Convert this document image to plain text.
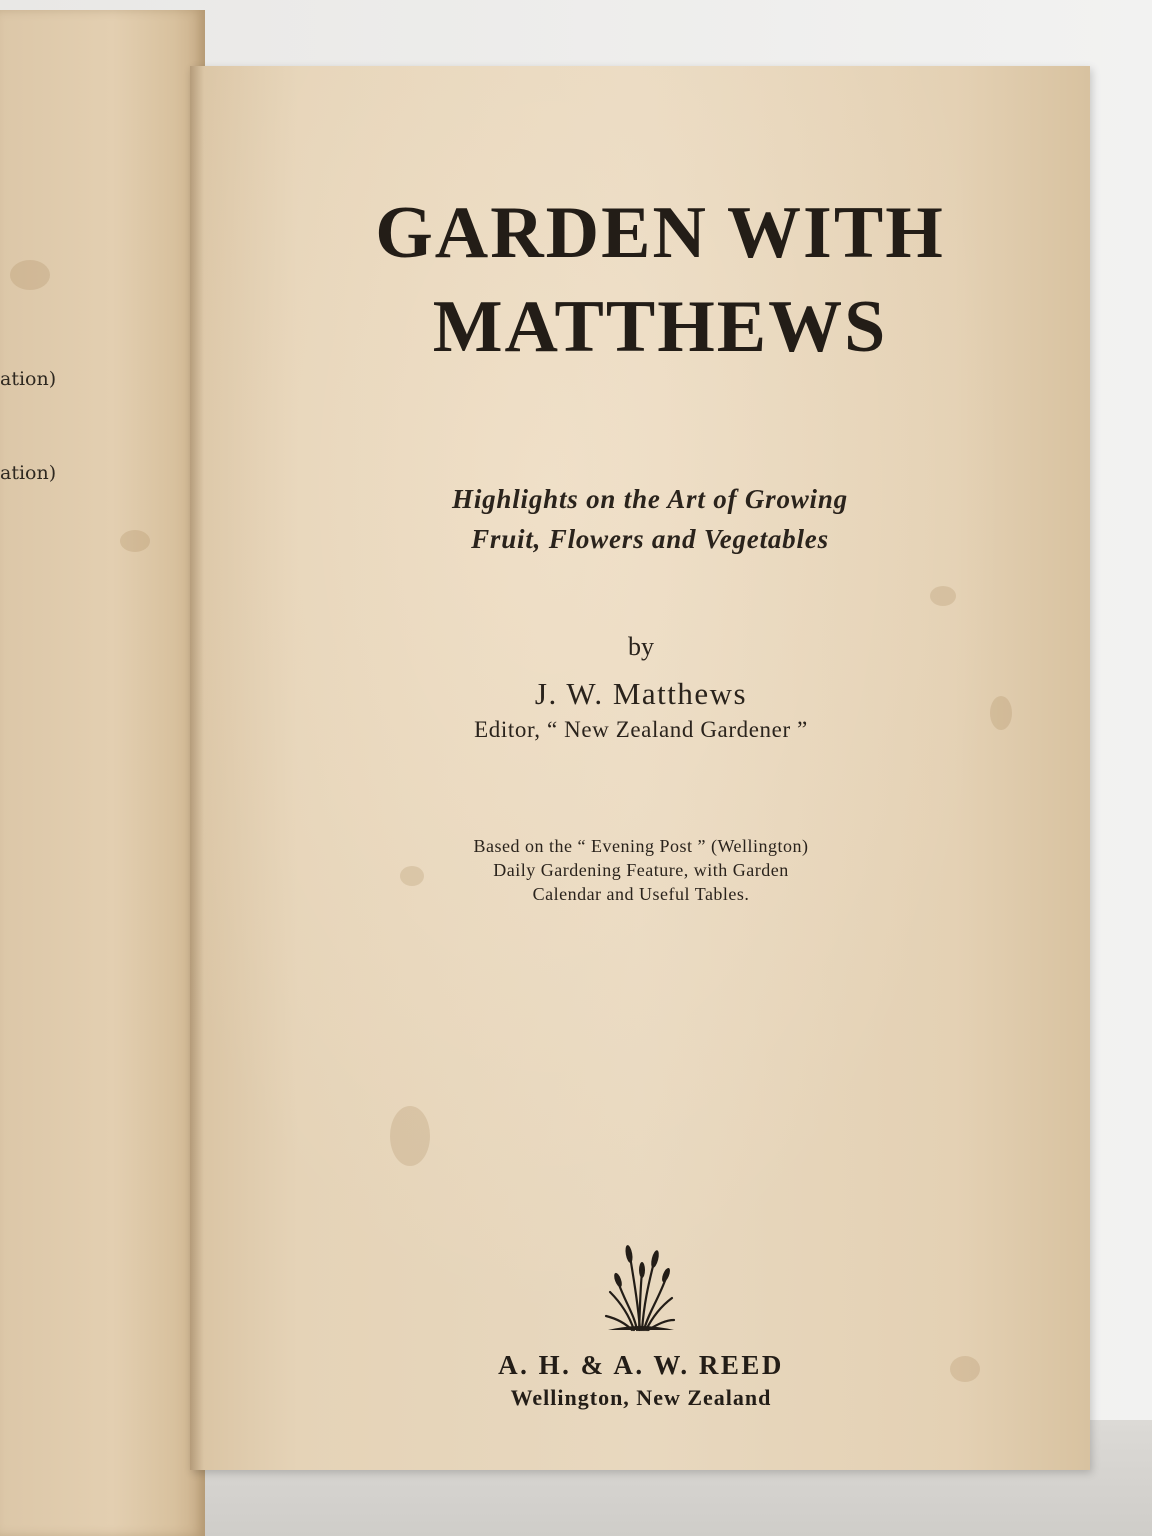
ation)

ation)

GARDEN WITH

MATTHEWS

Highlights on the Art of Growing

Fruit, Flowers and Vegetables

by

J. W. Matthews

Editor, “ New Zealand Gardener ”

Based on the “ Evening Post ” (Wellington)

Daily Gardening Feature, with Garden

Calendar and Useful Tables.

A. H. & A. W. REED

Wellington, New Zealand
